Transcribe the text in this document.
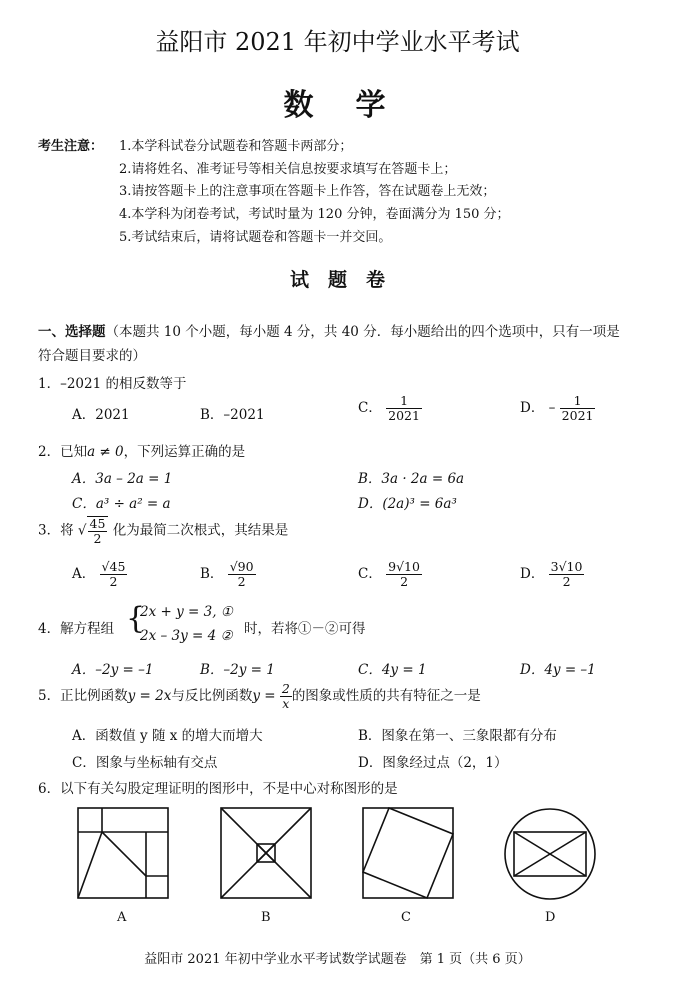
益阳市 2021 年初中学业水平考试
数　学
考生注意： 1.本学科试卷分试题卷和答题卡两部分；
2.请将姓名、准考证号等相关信息按要求填写在答题卡上；
3.请按答题卡上的注意事项在答题卡上作答，答在试题卷上无效；
4.本学科为闭卷考试，考试时量为 120 分钟，卷面满分为 150 分；
5.考试结束后，请将试题卷和答题卡一并交回。
试　题　卷
一、选择题（本题共 10 个小题，每小题 4 分，共 40 分．每小题给出的四个选项中，只有一项是
符合题目要求的）
1．–2021 的相反数等于
A．2021	B．–2021	C． $\frac{1}{2021}$	D． – $\frac{1}{2021}$
2．已知a ≠ 0，下列运算正确的是
A．3a – 2a = 1	B．3a · 2a = 6a
C．a³ ÷ a² = a	D．(2a)³ = 6a³
3．将 √ $\frac{45}{2}$ 化为最简二次根式，其结果是
A． $\frac{√45}{2}$	B． $\frac{√90}{2}$	C． $\frac{9√10}{2}$	D． $\frac{3√10}{2}$
4．解方程组 {
2x + y = 3, ①
2x – 3y = 4 ② 时，若将①－②可得
A．–2y = –1	B．–2y = 1	C．4y = 1	D．4y = –1
5．正比例函数y = 2x与反比例函数$y = \frac{2}{x}$ 的图象或性质的共有特征之一是
A．函数值 y 随 x 的增大而增大	B．图象在第一、三象限都有分布
C．图象与坐标轴有交点	D．图象经过点（2，1）
6．以下有关勾股定理证明的图形中，不是中心对称图形的是
A	B	C	D
益阳市 2021 年初中学业水平考试数学试题卷　第 1 页（共 6 页）
